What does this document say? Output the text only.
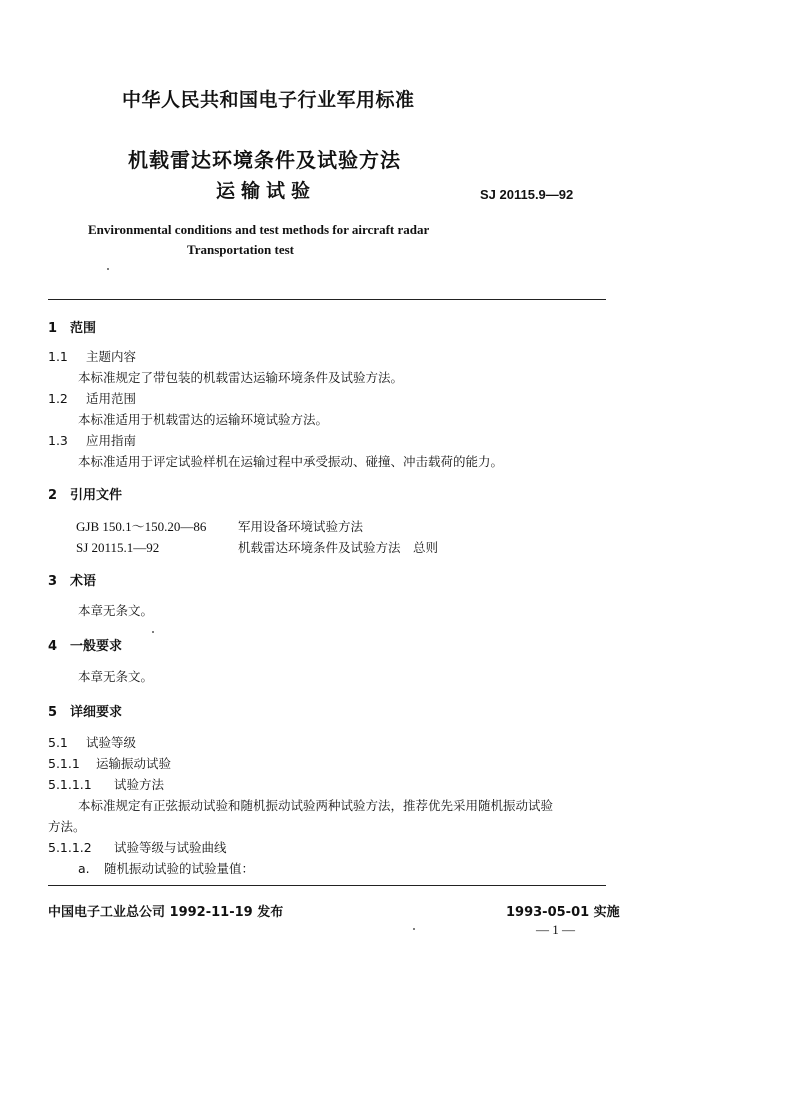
中华人民共和国电子行业军用标准
机载雷达环境条件及试验方法
运输试验	SJ 20115.9—92
Environmental conditions and test methods for aircraft radar
Transportation test
1 范围
1.1 主题内容
本标准规定了带包装的机载雷达运输环境条件及试验方法。
1.2 适用范围
本标准适用于机载雷达的运输环境试验方法。
1.3 应用指南
本标准适用于评定试验样机在运输过程中承受振动、碰撞、冲击载荷的能力。
2 引用文件
GJB 150.1～150.20—86	军用设备环境试验方法
SJ 20115.1—92	机载雷达环境条件及试验方法　总则
3 术语
本章无条文。
4 一般要求
本章无条文。
5 详细要求
5.1 试验等级
5.1.1 运输振动试验
5.1.1.1 试验方法
本标准规定有正弦振动试验和随机振动试验两种试验方法，推荐优先采用随机振动试验
方法。
5.1.1.2 试验等级与试验曲线
a. 随机振动试验的试验量值：
中国电子工业总公司 1992-11-19 发布	1993-05-01 实施
— 1 —
